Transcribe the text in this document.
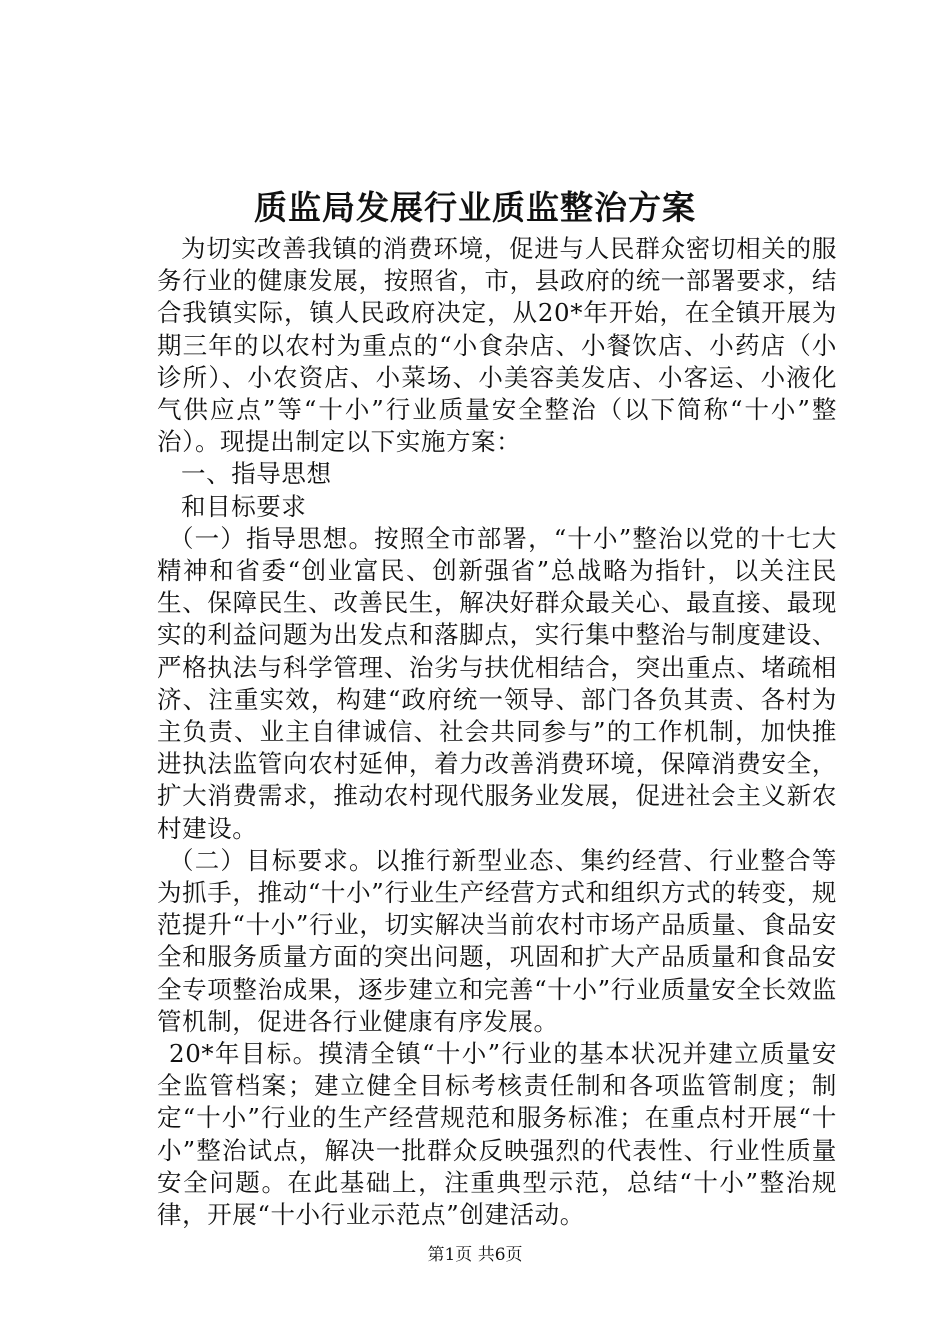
质监局发展行业质监整治方案

为切实改善我镇的消费环境，促进与人民群众密切相关的服务行业的健康发展，按照省，市，县政府的统一部署要求，结合我镇实际，镇人民政府决定，从20*年开始，在全镇开展为期三年的以农村为重点的“小食杂店、小餐饮店、小药店（小诊所）、小农资店、小菜场、小美容美发店、小客运、小液化气供应点”等“十小”行业质量安全整治（以下简称“十小”整治）。现提出制定以下实施方案：

一、指导思想

和目标要求

（一）指导思想。按照全市部署，“十小”整治以党的十七大精神和省委“创业富民、创新强省”总战略为指针，以关注民生、保障民生、改善民生，解决好群众最关心、最直接、最现实的利益问题为出发点和落脚点，实行集中整治与制度建设、严格执法与科学管理、治劣与扶优相结合，突出重点、堵疏相济、注重实效，构建“政府统一领导、部门各负其责、各村为主负责、业主自律诚信、社会共同参与”的工作机制，加快推进执法监管向农村延伸，着力改善消费环境，保障消费安全，扩大消费需求，推动农村现代服务业发展，促进社会主义新农村建设。

（二）目标要求。以推行新型业态、集约经营、行业整合等为抓手，推动“十小”行业生产经营方式和组织方式的转变，规范提升“十小”行业，切实解决当前农村市场产品质量、食品安全和服务质量方面的突出问题，巩固和扩大产品质量和食品安全专项整治成果，逐步建立和完善“十小”行业质量安全长效监管机制，促进各行业健康有序发展。

20*年目标。摸清全镇“十小”行业的基本状况并建立质量安全监管档案；建立健全目标考核责任制和各项监管制度；制定“十小”行业的生产经营规范和服务标准；在重点村开展“十小”整治试点，解决一批群众反映强烈的代表性、行业性质量安全问题。在此基础上，注重典型示范，总结“十小”整治规律，开展“十小行业示范点”创建活动。

第1页 共6页
